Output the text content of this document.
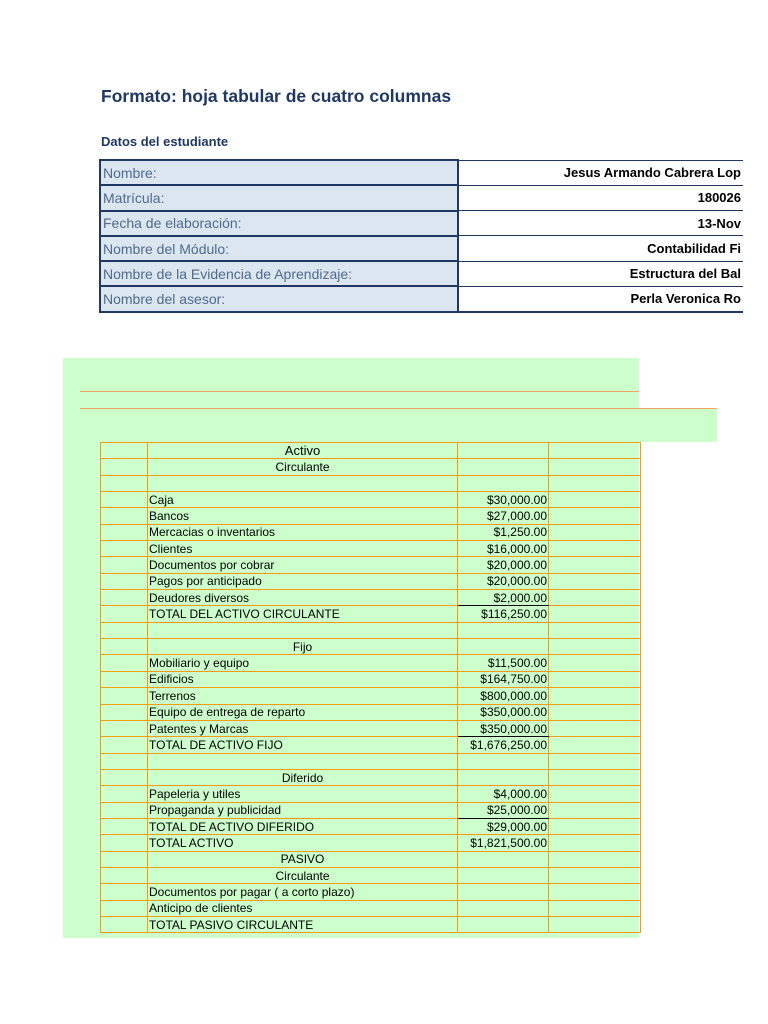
Formato: hoja tabular de cuatro columnas
Datos del estudiante
Nombre:	Jesus Armando Cabrera Lop
Matrícula:	180026
Fecha de elaboración:	13-Nov
Nombre del Módulo:	Contabilidad Fi
Nombre de la Evidencia de Aprendizaje:	Estructura del Bal
Nombre del asesor:	Perla Veronica Ro
	Activo		
	Circulante		

	Caja	$30,000.00	
	Bancos	$27,000.00	
	Mercacias o inventarios	$1,250.00	
	Clientes	$16,000.00	
	Documentos por cobrar	$20,000.00	
	Pagos por anticipado	$20,000.00	
	Deudores diversos	$2,000.00	
	TOTAL DEL ACTIVO CIRCULANTE	$116,250.00	

	Fijo		
	Mobiliario y equipo	$11,500.00	
	Edificios	$164,750.00	
	Terrenos	$800,000.00	
	Equipo de entrega de reparto	$350,000.00	
	Patentes y Marcas	$350,000.00	
	TOTAL DE ACTIVO FIJO	$1,676,250.00	

	Diferido		
	Papeleria y utiles	$4,000.00	
	Propaganda y publicidad	$25,000.00	
	TOTAL DE ACTIVO DIFERIDO	$29,000.00	
	TOTAL ACTIVO	$1,821,500.00	
	PASIVO		
	Circulante		
	Documentos por pagar ( a corto plazo)		
	Anticipo de clientes		
	TOTAL PASIVO CIRCULANTE		
